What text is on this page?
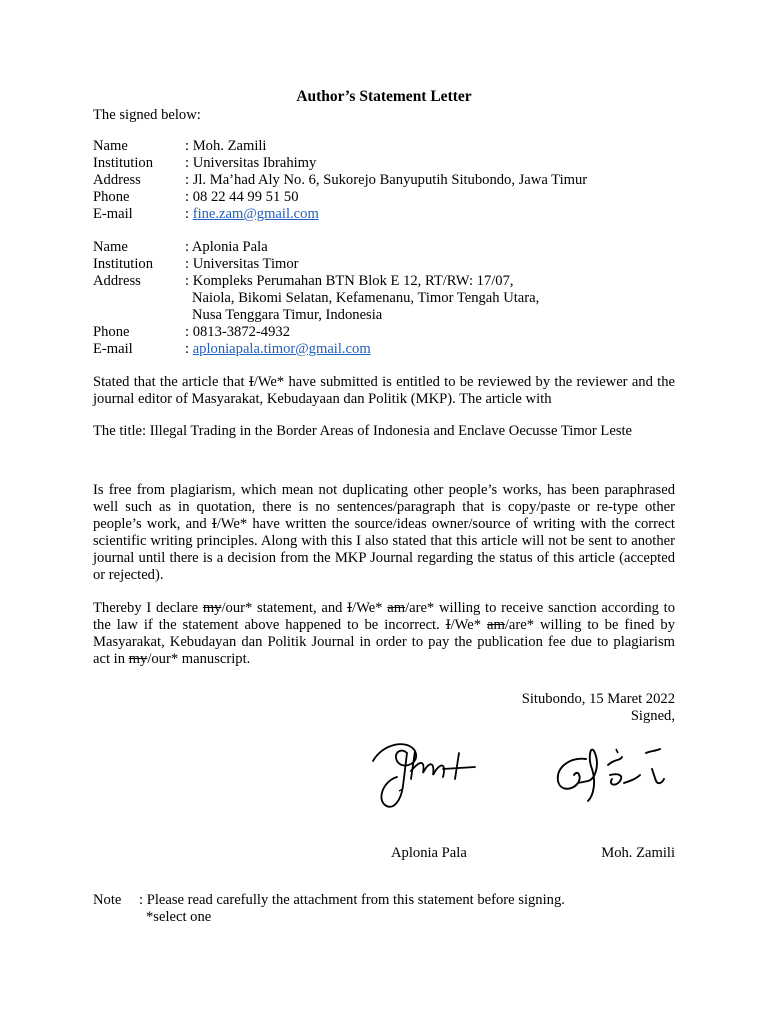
Author’s Statement Letter
The signed below:
Name	: Moh. Zamili
Institution	: Universitas Ibrahimy
Address	: Jl. Ma’had Aly No. 6, Sukorejo Banyuputih Situbondo, Jawa Timur
Phone	: 08 22 44 99 51 50
E-mail	: fine.zam@gmail.com
Name	: Aplonia Pala
Institution	: Universitas Timor
Address	: Kompleks Perumahan BTN Blok E 12, RT/RW: 17/07,
Naiola, Bikomi Selatan, Kefamenanu, Timor Tengah Utara,
Nusa Tenggara Timur, Indonesia
Phone	: 0813-3872-4932
E-mail	: aploniapala.timor@gmail.com

Stated that the article that I/We* have submitted is entitled to be reviewed by the reviewer and the journal editor of Masyarakat, Kebudayaan dan Politik (MKP). The article with

The title: Illegal Trading in the Border Areas of Indonesia and Enclave Oecusse Timor Leste

Is free from plagiarism, which mean not duplicating other people’s works, has been paraphrased well such as in quotation, there is no sentences/paragraph that is copy/paste or re-type other people’s work, and I/We* have written the source/ideas owner/source of writing with the correct scientific writing principles. Along with this I also stated that this article will not be sent to another journal until there is a decision from the MKP Journal regarding the status of this article (accepted or rejected).

Thereby I declare my/our* statement, and I/We* am/are* willing to receive sanction according to the law if the statement above happened to be incorrect. I/We* am/are* willing to be fined by Masyarakat, Kebudayan dan Politik Journal in order to pay the publication fee due to plagiarism act in my/our* manuscript.

Situbondo, 15 Maret 2022
Signed,
Aplonia Pala	Moh. Zamili
Note	: Please read carefully the attachment from this statement before signing.
*select one
